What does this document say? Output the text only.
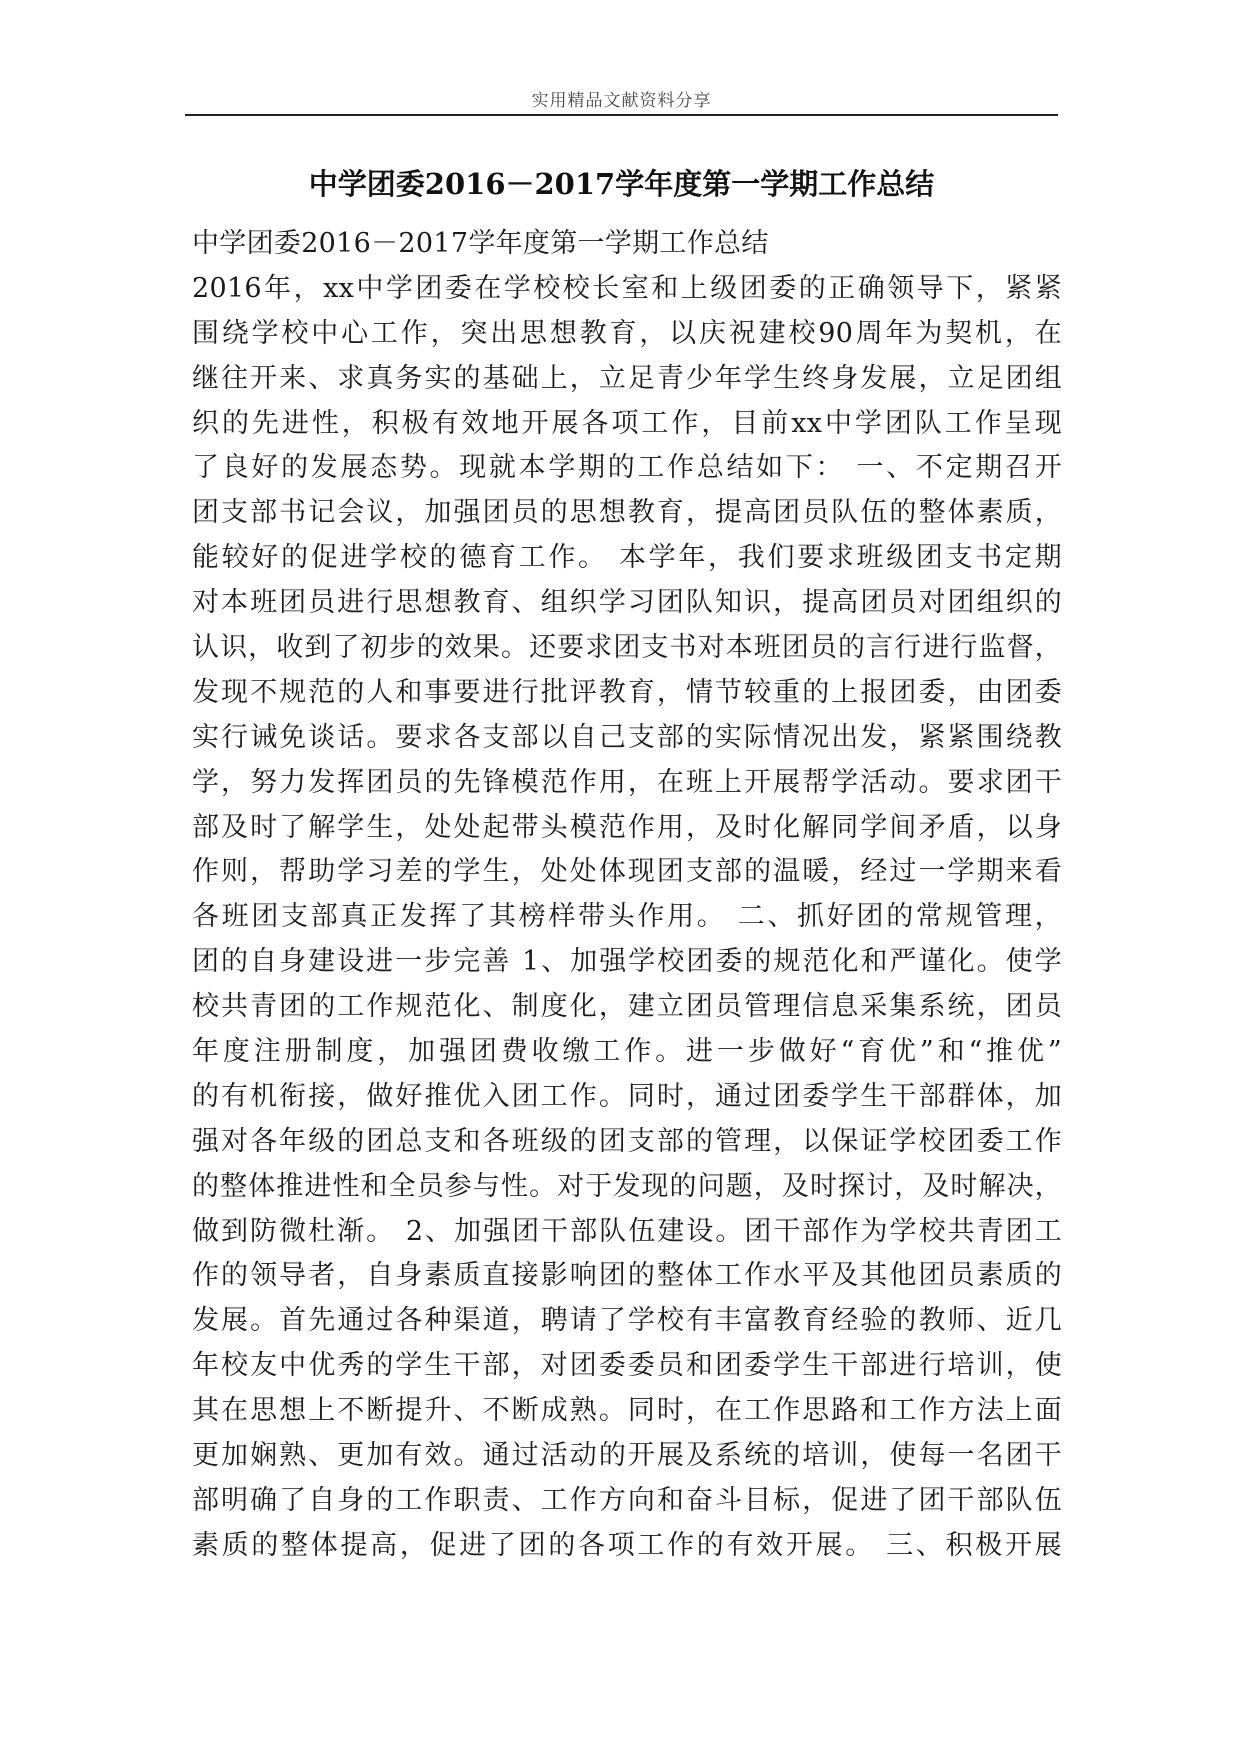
实用精品文献资料分享
中学团委2016－2017学年度第一学期工作总结
中学团委2016－2017学年度第一学期工作总结
2016年，xx中学团委在学校校长室和上级团委的正确领导下，紧紧
围绕学校中心工作，突出思想教育，以庆祝建校90周年为契机，在
继往开来、求真务实的基础上，立足青少年学生终身发展，立足团组
织的先进性，积极有效地开展各项工作，目前xx中学团队工作呈现
了良好的发展态势。现就本学期的工作总结如下： 一、不定期召开
团支部书记会议，加强团员的思想教育，提高团员队伍的整体素质，
能较好的促进学校的德育工作。 本学年，我们要求班级团支书定期
对本班团员进行思想教育、组织学习团队知识，提高团员对团组织的
认识，收到了初步的效果。还要求团支书对本班团员的言行进行监督，
发现不规范的人和事要进行批评教育，情节较重的上报团委，由团委
实行诫免谈话。要求各支部以自己支部的实际情况出发，紧紧围绕教
学，努力发挥团员的先锋模范作用，在班上开展帮学活动。要求团干
部及时了解学生，处处起带头模范作用，及时化解同学间矛盾，以身
作则，帮助学习差的学生，处处体现团支部的温暖，经过一学期来看
各班团支部真正发挥了其榜样带头作用。 二、抓好团的常规管理，
团的自身建设进一步完善 1、加强学校团委的规范化和严谨化。使学
校共青团的工作规范化、制度化，建立团员管理信息采集系统，团员
年度注册制度，加强团费收缴工作。进一步做好“育优”和“推优”
的有机衔接，做好推优入团工作。同时，通过团委学生干部群体，加
强对各年级的团总支和各班级的团支部的管理，以保证学校团委工作
的整体推进性和全员参与性。对于发现的问题，及时探讨，及时解决，
做到防微杜渐。 2、加强团干部队伍建设。团干部作为学校共青团工
作的领导者，自身素质直接影响团的整体工作水平及其他团员素质的
发展。首先通过各种渠道，聘请了学校有丰富教育经验的教师、近几
年校友中优秀的学生干部，对团委委员和团委学生干部进行培训，使
其在思想上不断提升、不断成熟。同时，在工作思路和工作方法上面
更加娴熟、更加有效。通过活动的开展及系统的培训，使每一名团干
部明确了自身的工作职责、工作方向和奋斗目标，促进了团干部队伍
素质的整体提高，促进了团的各项工作的有效开展。 三、积极开展
